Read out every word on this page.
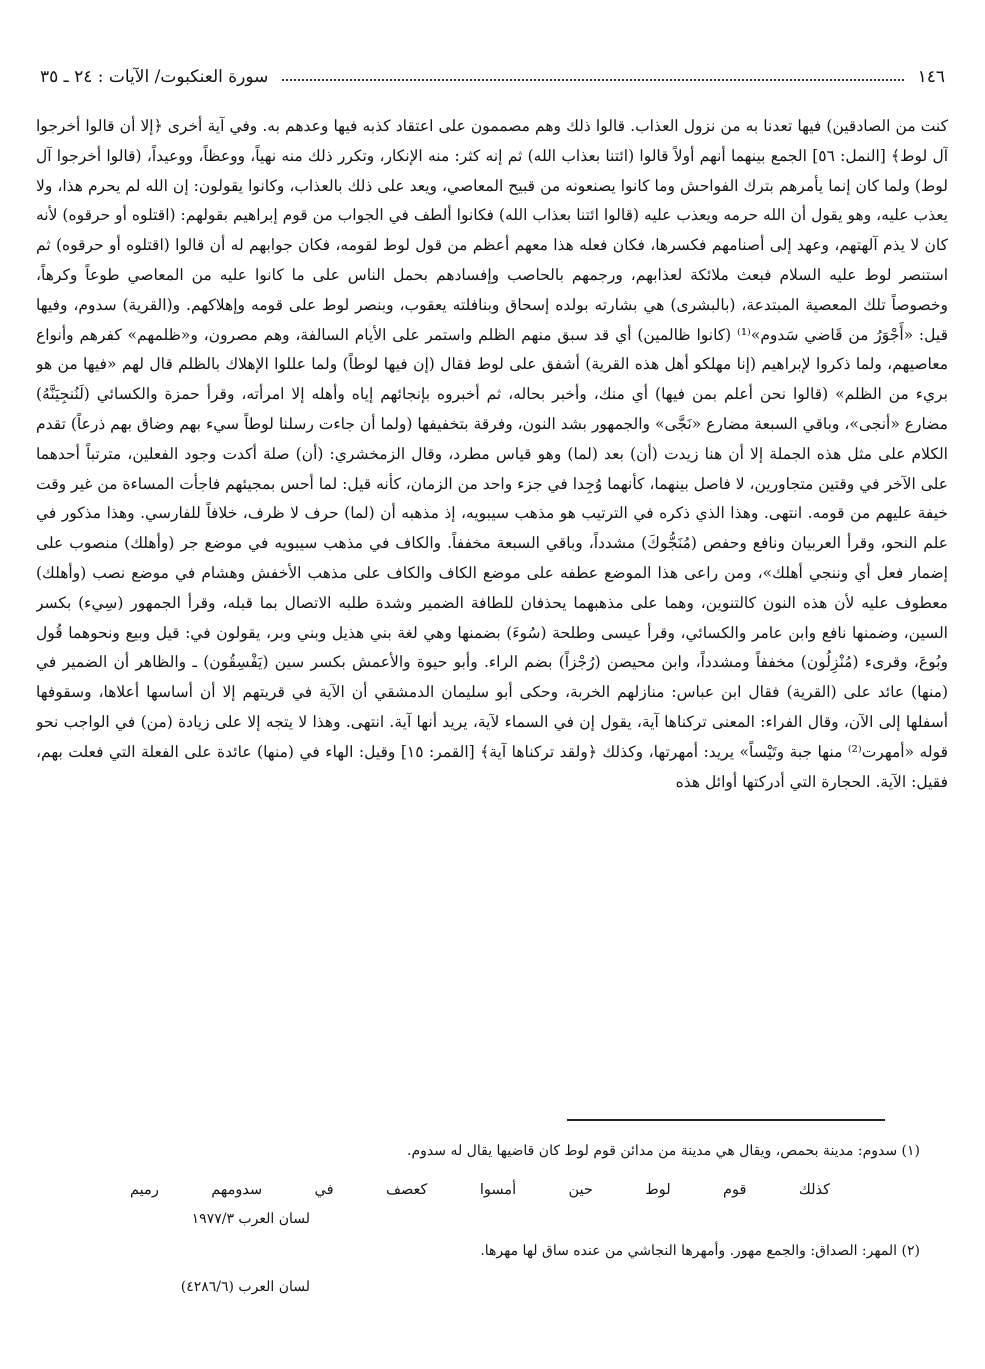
١٤٦
سورة العنكبوت/ الآيات : ٢٤ ـ ٣٥

كنت من الصادقين) فيها تعدنا به من نزول العذاب. قالوا ذلك وهم مصممون على اعتقاد كذبه فيها وعدهم به. وفي آية أخرى ﴿إلا أن قالوا أخرجوا آل لوط﴾ [النمل: ٥٦] الجمع بينهما أنهم أولاً قالوا (ائتنا بعذاب الله) ثم إنه كثر: منه الإنكار، وتكرر ذلك منه نهياً، ووعظاً، ووعيداً، (قالوا أخرجوا آل لوط) ولما كان إنما يأمرهم بترك الفواحش وما كانوا يصنعونه من قبيح المعاصي، ويعد على ذلك بالعذاب، وكانوا يقولون: إن الله لم يحرم هذا، ولا يعذب عليه، وهو يقول أن الله حرمه ويعذب عليه (قالوا ائتنا بعذاب الله) فكانوا ألطف في الجواب من قوم إبراهيم بقولهم: (اقتلوه أو حرقوه) لأنه كان لا يذم آلهتهم، وعهد إلى أصنامهم فكسرها، فكان فعله هذا معهم أعظم من قول لوط لقومه، فكان جوابهم له أن قالوا (اقتلوه أو حرقوه) ثم استنصر لوط عليه السلام فبعث ملائكة لعذابهم، ورجمهم بالحاصب وإفسادهم بحمل الناس على ما كانوا عليه من المعاصي طوعاً وكرهاً، وخصوصاً تلك المعصية المبتدعة، (بالبشرى) هي بشارته بولده إسحاق وبنافلته يعقوب، وبنصر لوط على قومه وإهلاكهم. و(القرية) سدوم، وفيها قيل: «أَجْوَرُ من قَاضي سَدوم»⁽¹⁾ (كانوا ظالمين) أي قد سبق منهم الظلم واستمر على الأيام السالفة، وهم مصرون، و«ظلمهم» كفرهم وأنواع معاصيهم، ولما ذكروا لإبراهيم (إنا مهلكو أهل هذه القرية) أشفق على لوط فقال (إن فيها لوطاً) ولما عللوا الإهلاك بالظلم قال لهم «فيها من هو بريء من الظلم» (قالوا نحن أعلم بمن فيها) أي منك، وأخبر بحاله، ثم أخبروه بإنجائهم إياه وأهله إلا امرأته، وقرأ حمزة والكسائي (لَنُنجِيَنَّهُ) مضارع «أنجى»، وباقي السبعة مضارع «نَجَّى» والجمهور بشد النون، وفرقة بتخفيفها (ولما أن جاءت رسلنا لوطاً سيء بهم وضاق بهم ذرعاً) تقدم الكلام على مثل هذه الجملة إلا أن هنا زيدت (أن) بعد (لما) وهو قياس مطرد، وقال الزمخشري: (أن) صلة أكدت وجود الفعلين، مترتباً أحدهما على الآخر في وقتين متجاورين، لا فاصل بينهما، كأنهما وُجِدا في جزء واحد من الزمان، كأنه قيل: لما أحس بمجيئهم فاجأت المساءة من غير وقت خيفة عليهم من قومه. انتهى. وهذا الذي ذكره في الترتيب هو مذهب سيبويه، إذ مذهبه أن (لما) حرف لا ظرف، خلافاً للفارسي. وهذا مذكور في علم النحو، وقرأ العربيان ونافع وحفص (مُنَجُّوكَ) مشدداً، وباقي السبعة مخففاً. والكاف في مذهب سيبويه في موضع جر (وأهلك) منصوب على إضمار فعل أي وننجي أهلك»، ومن راعى هذا الموضع عطفه على موضع الكاف والكاف على مذهب الأخفش وهشام في موضع نصب (وأهلك) معطوف عليه لأن هذه النون كالتنوين، وهما على مذهبهما يحذفان للطافة الضمير وشدة طلبه الاتصال بما قبله، وقرأ الجمهور (سِيء) بكسر السين، وضمنها نافع وابن عامر والكسائي، وقرأ عيسى وطلحة (سُوءَ) بضمنها وهي لغة بني هذيل وبني وبر، يقولون في: قيل وبيع ونحوهما قُول وبُوعَ، وقرىء (مُنْزِلُون) مخففاً ومشدداً، وابن محيصن (رُجْزاً) بضم الراء. وأبو حيوة والأعمش بكسر سين (يَفْسِقُون) ـ والظاهر أن الضمير في (منها) عائد على (القرية) فقال ابن عباس: منازلهم الخربة، وحكى أبو سليمان الدمشقي أن الآية في قريتهم إلا أن أساسها أعلاها، وسقوفها أسفلها إلى الآن، وقال الفراء: المعنى تركناها آية، يقول إن في السماء لآية، يريد أنها آية. انتهى. وهذا لا يتجه إلا على زيادة (من) في الواجب نحو قوله «أمهرت⁽²⁾ منها جبة وتَيْساً» يريد: أمهرتها، وكذلك ﴿ولقد تركناها آية﴾ [القمر: ١٥] وقيل: الهاء في (منها) عائدة على الفعلة التي فعلت بهم، فقيل: الآية. الحجارة التي أدركتها أوائل هذه

(١) سدوم: مدينة بحمص، ويقال هي مدينة من مدائن قوم لوط كان قاضيها يقال له سدوم.
كذلك
قوم
لوط
حين
أمسوا
كعصف
في
سدومهم
رميم
لسان العرب ١٩٧٧/٣
(٢) المهر: الصداق: والجمع مهور. وأمهرها النجاشي من عنده ساق لها مهرها.
لسان العرب (٤٢٨٦/٦)
